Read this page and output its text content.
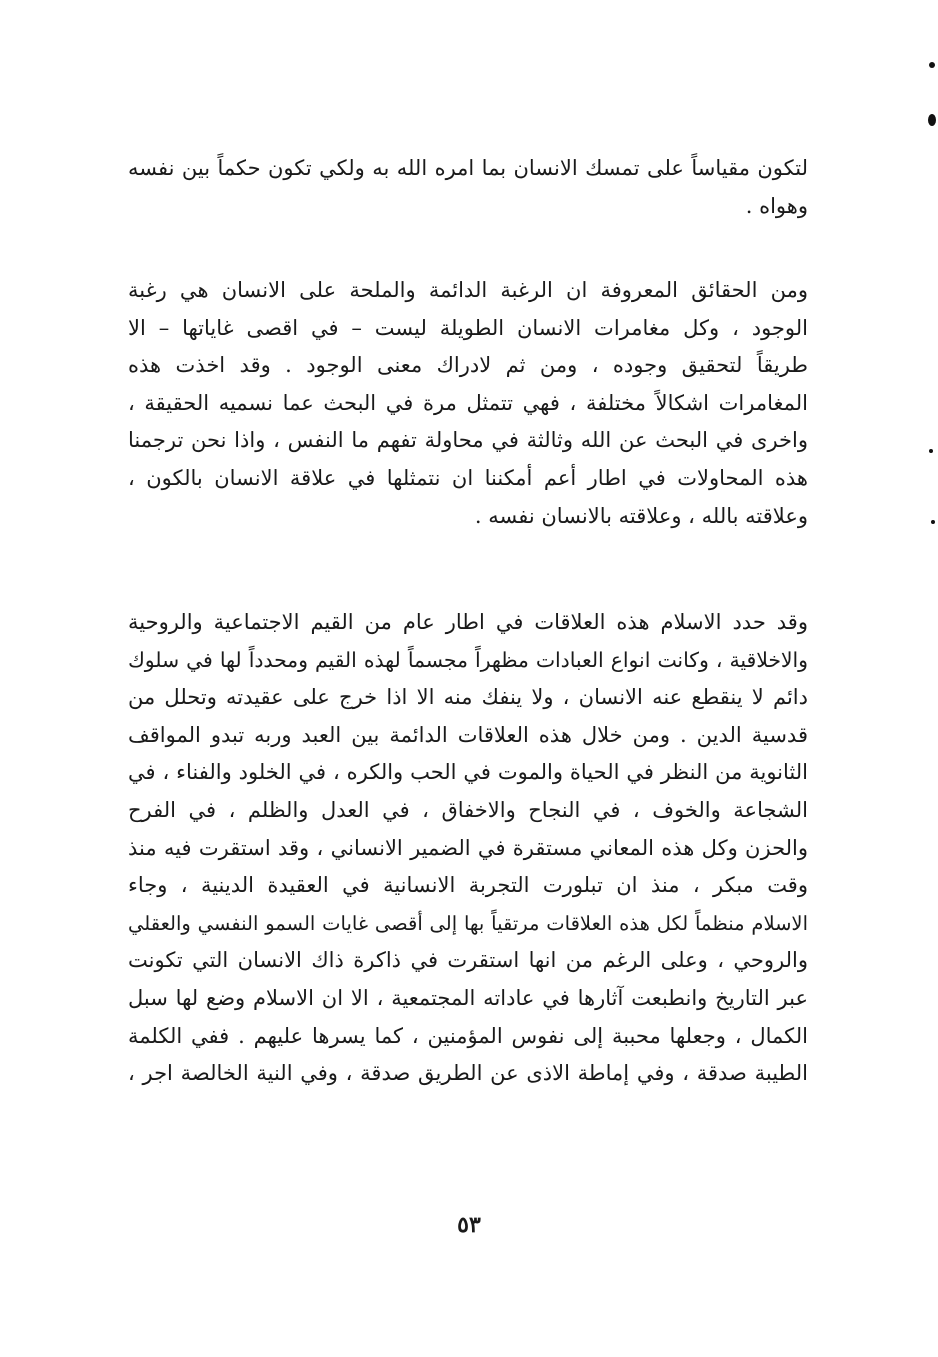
لتكون مقياساً على تمسك الانسان بما امره الله به ولكي تكون حكماً بين نفسه
وهواه .
ومن الحقائق المعروفة ان الرغبة الدائمة والملحة على الانسان هي رغبة
الوجود ، وكل مغامرات الانسان الطويلة ليست – في اقصى غاياتها – الا
طريقاً لتحقيق وجوده ، ومن ثم لادراك معنى الوجود . وقد اخذت هذه
المغامرات اشكالاً مختلفة ، فهي تتمثل مرة في البحث عما نسميه الحقيقة ،
واخرى في البحث عن الله وثالثة في محاولة تفهم ما النفس ، واذا نحن ترجمنا
هذه المحاولات في اطار أعم أمكننا ان نتمثلها في علاقة الانسان بالكون ،
وعلاقته بالله ، وعلاقته بالانسان نفسه .
وقد حدد الاسلام هذه العلاقات في اطار عام من القيم الاجتماعية والروحية
والاخلاقية ، وكانت انواع العبادات مظهراً مجسماً لهذه القيم ومحدداً لها في سلوك
دائم لا ينقطع عنه الانسان ، ولا ينفك منه الا اذا خرج على عقيدته وتحلل من
قدسية الدين . ومن خلال هذه العلاقات الدائمة بين العبد وربه تبدو المواقف
الثانوية من النظر في الحياة والموت في الحب والكره ، في الخلود والفناء ، في
الشجاعة والخوف ، في النجاح والاخفاق ، في العدل والظلم ، في الفرح
والحزن وكل هذه المعاني مستقرة في الضمير الانساني ، وقد استقرت فيه منذ
وقت مبكر ، منذ ان تبلورت التجربة الانسانية في العقيدة الدينية ، وجاء
الاسلام منظماً لكل هذه العلاقات مرتقياً بها إلى أقصى غايات السمو النفسي والعقلي
والروحي ، وعلى الرغم من انها استقرت في ذاكرة ذاك الانسان التي تكونت
عبر التاريخ وانطبعت آثارها في عاداته المجتمعية ، الا ان الاسلام وضع لها سبل
الكمال ، وجعلها محببة إلى نفوس المؤمنين ، كما يسرها عليهم . ففي الكلمة
الطيبة صدقة ، وفي إماطة الاذى عن الطريق صدقة ، وفي النية الخالصة اجر ،
٥٣
